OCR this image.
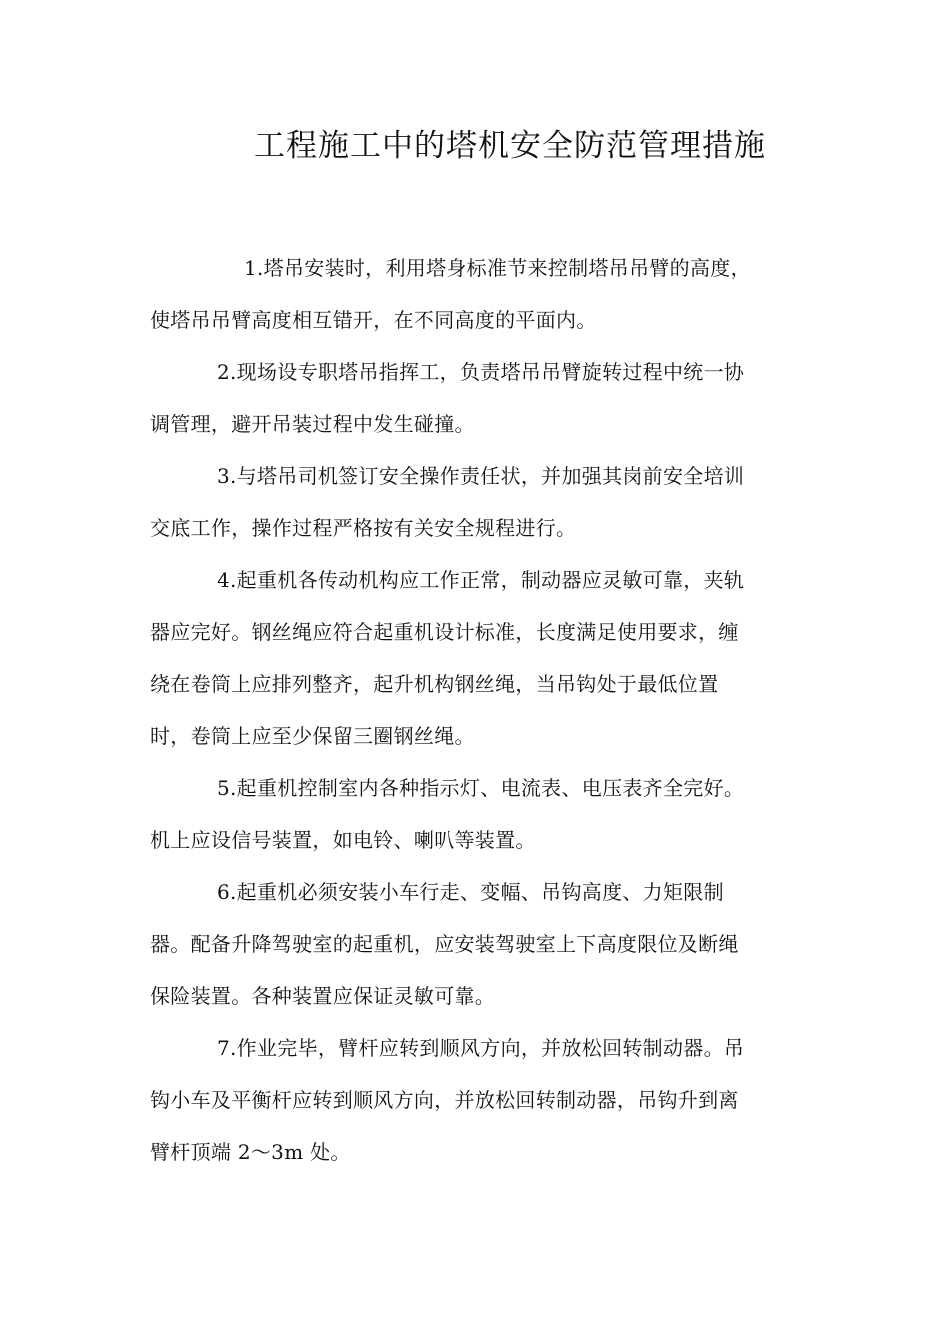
工程施工中的塔机安全防范管理措施
1.塔吊安装时，利用塔身标准节来控制塔吊吊臂的高度，
使塔吊吊臂高度相互错开，在不同高度的平面内。
2.现场设专职塔吊指挥工，负责塔吊吊臂旋转过程中统一协
调管理，避开吊装过程中发生碰撞。
3.与塔吊司机签订安全操作责任状，并加强其岗前安全培训
交底工作，操作过程严格按有关安全规程进行。
4.起重机各传动机构应工作正常，制动器应灵敏可靠，夹轨
器应完好。钢丝绳应符合起重机设计标准，长度满足使用要求，缠
绕在卷筒上应排列整齐，起升机构钢丝绳，当吊钩处于最低位置
时，卷筒上应至少保留三圈钢丝绳。
5.起重机控制室内各种指示灯、电流表、电压表齐全完好。
机上应设信号装置，如电铃、喇叭等装置。
6.起重机必须安装小车行走、变幅、吊钩高度、力矩限制
器。配备升降驾驶室的起重机，应安装驾驶室上下高度限位及断绳
保险装置。各种装置应保证灵敏可靠。
7.作业完毕，臂杆应转到顺风方向，并放松回转制动器。吊
钩小车及平衡杆应转到顺风方向，并放松回转制动器，吊钩升到离
臂杆顶端 2～3m 处。
